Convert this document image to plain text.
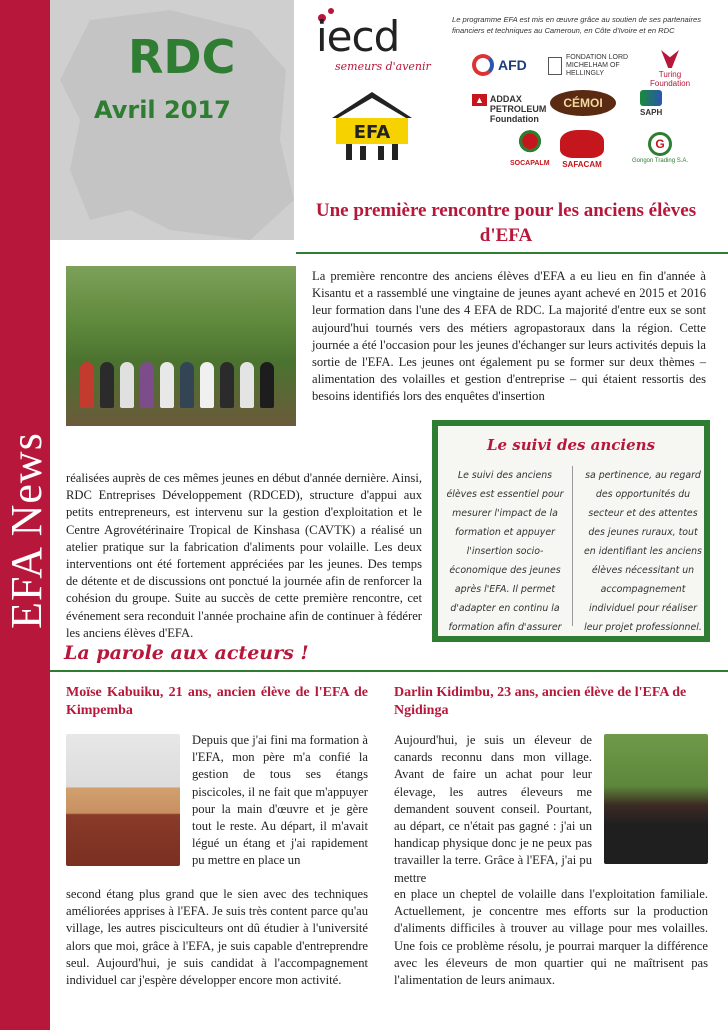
EFA News
RDC
Avril 2017
iecd
semeurs d'avenir
EFA
Le programme EFA est mis en œuvre grâce au soutien de ses partenaires financiers et techniques au Cameroun, en Côte d'Ivoire et en RDC
AFD	FONDATION LORD MICHELHAM OF HELLINGLY	Turing Foundation
▲ ADDAX PETROLEUM Foundation
CÉMOI
SAPH
SOCAPALM SAFACAM
G
Gongon Trading S.A.
Une première rencontre pour les anciens élèves d'EFA
La première rencontre des anciens élèves d'EFA a eu lieu en fin d'année à Kisantu et a rassemblé une vingtaine de jeunes ayant achevé en 2015 et 2016 leur formation dans l'une des 4 EFA de RDC. La majorité d'entre eux se sont aujourd'hui tournés vers des métiers agropastoraux dans la région. Cette journée a été l'occasion pour les jeunes d'échanger sur leurs activités depuis la sortie de l'EFA. Les jeunes ont également pu se former sur deux thèmes – alimentation des volailles et gestion d'entreprise – qui étaient ressortis des besoins identifiés lors des enquêtes d'insertion
réalisées auprès de ces mêmes jeunes en début d'année dernière. Ainsi, RDC Entreprises Développement (RDCED), structure d'appui aux petits entrepreneurs, est intervenu sur la gestion d'exploitation et le Centre Agrovétérinaire Tropical de Kinshasa (CAVTK) a réalisé un atelier pratique sur la fabrication d'aliments pour volaille. Les deux interventions ont été fortement appréciées par les jeunes. Des temps de détente et de discussions ont ponctué la journée afin de renforcer la cohésion du groupe. Suite au succès de cette première rencontre, cet événement sera reconduit l'année prochaine afin de continuer à fédérer les anciens élèves d'EFA.
Le suivi des anciens
Le suivi des anciens élèves est essentiel pour mesurer l'impact de la formation et appuyer l'insertion socio-économique des jeunes après l'EFA. Il permet d'adapter en continu la formation afin d'assurer
sa pertinence, au regard des opportunités du secteur et des attentes des jeunes ruraux, tout en identifiant les anciens élèves nécessitant un accompagnement individuel pour réaliser leur projet professionnel.
La parole aux acteurs !
Moïse Kabuiku, 21 ans, ancien élève de l'EFA de Kimpemba
Depuis que j'ai fini ma formation à l'EFA, mon père m'a confié la gestion de tous ses étangs piscicoles, il ne fait que m'appuyer pour la main d'œuvre et je gère tout le reste. Au départ, il m'avait légué un étang et j'ai rapidement pu mettre en place un
second étang plus grand que le sien avec des techniques améliorées apprises à l'EFA. Je suis très content parce qu'au village, les autres pisciculteurs ont dû étudier à l'université alors que moi, grâce à l'EFA, je suis capable d'entreprendre seul. Aujourd'hui, je suis candidat à l'accompagnement individuel car j'espère développer encore mon activité.
Darlin Kidimbu, 23 ans, ancien élève de l'EFA de Ngidinga
Aujourd'hui, je suis un éleveur de canards reconnu dans mon village. Avant de faire un achat pour leur élevage, les autres éleveurs me demandent souvent conseil. Pourtant, au départ, ce n'était pas gagné : j'ai un handicap physique donc je ne peux pas travailler la terre. Grâce à l'EFA, j'ai pu mettre
en place un cheptel de volaille dans l'exploitation familiale. Actuellement, je concentre mes efforts sur la production d'aliments difficiles à trouver au village pour mes volailles. Une fois ce problème résolu, je pourrai marquer la différence avec les éleveurs de mon quartier qui ne maîtrisent pas l'alimentation de leurs animaux.
